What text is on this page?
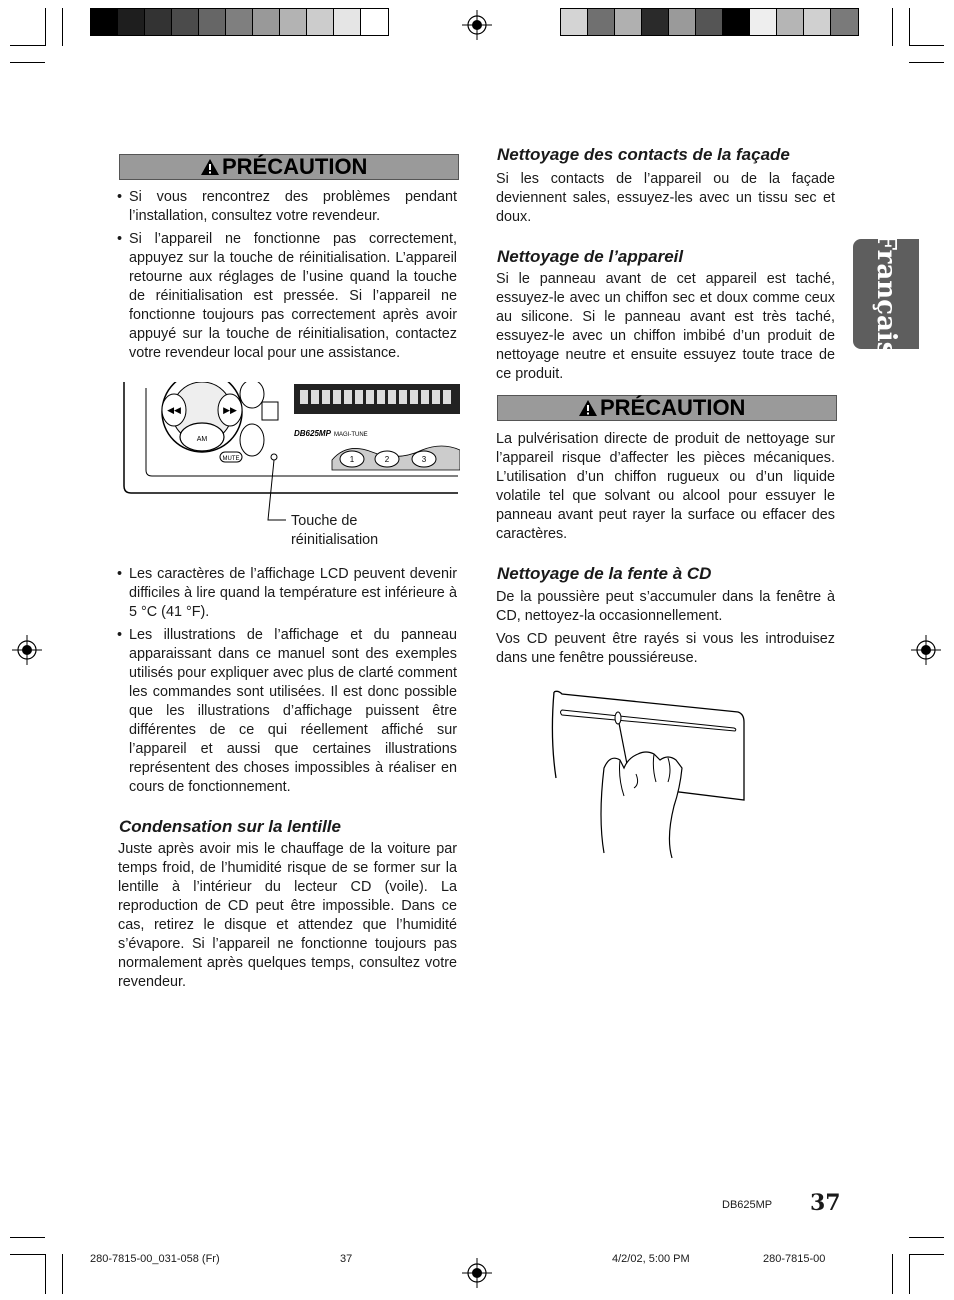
Français
PRÉCAUTION
• Si vous rencontrez des problèmes pendant l’installation, consultez votre revendeur.
• Si l’appareil ne fonctionne pas correctement, appuyez sur la touche de réinitialisation. L’appareil retourne aux réglages de l’usine quand la touche de réinitialisation est pressée. Si l’appareil ne fonctionne toujours pas correctement après avoir appuyé sur la touche de réinitialisation, contactez votre revendeur local pour une assistance.
AM
◀◀	▶▶
MUTE
DB625MP MAGI-TUNE
1	2	3
Touche de réinitialisation
• Les caractères de l’affichage LCD peuvent devenir difficiles à lire quand la température est inférieure à 5 °C (41 °F).
• Les illustrations de l’affichage et du panneau apparaissant dans ce manuel sont des exemples utilisés pour expliquer avec plus de clarté comment les commandes sont utilisées. Il est donc possible que les illustrations d’affichage puissent être différentes de ce qui réellement affiché sur l’appareil et aussi que certaines illustrations représentent des choses impossibles à réaliser en cours de fonctionnement.
Condensation sur la lentille
Juste après avoir mis le chauffage de la voiture par temps froid, de l’humidité risque de se former sur la lentille à l’intérieur du lecteur CD (voile). La reproduction de CD peut être impossible. Dans ce cas, retirez le disque et attendez que l’humidité s’évapore. Si l’appareil ne fonctionne toujours pas normalement après quelques temps, consultez votre revendeur.
Nettoyage des contacts de la façade
Si les contacts de l’appareil ou de la façade deviennent sales, essuyez-les avec un tissu sec et doux.
Nettoyage de l’appareil
Si le panneau avant de cet appareil est taché, essuyez-le avec un chiffon sec et doux comme ceux au silicone. Si le panneau avant est très taché, essuyez-le avec un chiffon imbibé d’un produit de nettoyage neutre et ensuite essuyez toute trace de ce produit.
PRÉCAUTION
La pulvérisation directe de produit de nettoyage sur l’appareil risque d’affecter les pièces mécaniques. L’utilisation d’un chiffon rugueux ou d’un liquide volatile tel que solvant ou alcool pour essuyer le panneau avant peut rayer la surface ou effacer des caractères.
Nettoyage de la fente à CD
De la poussière peut s’accumuler dans la fenêtre à CD, nettoyez-la occasionnellement.
Vos CD peuvent être rayés si vous les introduisez dans une fenêtre poussiéreuse.
DB625MP 37
280-7815-00_031-058 (Fr)	37	4/2/02, 5:00 PM	280-7815-00
